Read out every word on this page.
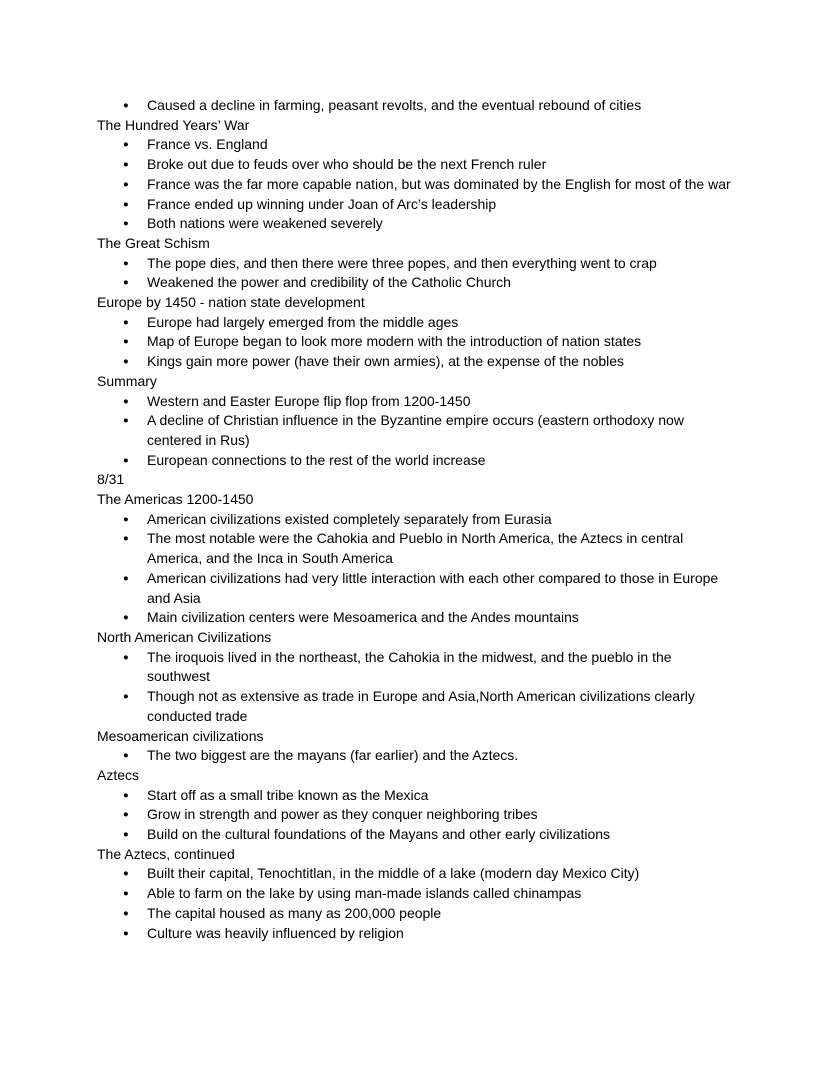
● Caused a decline in farming, peasant revolts, and the eventual rebound of cities
The Hundred Years’ War
● France vs. England
● Broke out due to feuds over who should be the next French ruler
● France was the far more capable nation, but was dominated by the English for most of the war
● France ended up winning under Joan of Arc’s leadership
● Both nations were weakened severely
The Great Schism
● The pope dies, and then there were three popes, and then everything went to crap
● Weakened the power and credibility of the Catholic Church
Europe by 1450 - nation state development
● Europe had largely emerged from the middle ages
● Map of Europe began to look more modern with the introduction of nation states
● Kings gain more power (have their own armies), at the expense of the nobles
Summary
● Western and Easter Europe flip flop from 1200-1450
● A decline of Christian influence in the Byzantine empire occurs (eastern orthodoxy now centered in Rus)
● European connections to the rest of the world increase
8/31
The Americas 1200-1450
● American civilizations existed completely separately from Eurasia
● The most notable were the Cahokia and Pueblo in North America, the Aztecs in central America, and the Inca in South America
● American civilizations had very little interaction with each other compared to those in Europe and Asia
● Main civilization centers were Mesoamerica and the Andes mountains
North American Civilizations
● The iroquois lived in the northeast, the Cahokia in the midwest, and the pueblo in the southwest
● Though not as extensive as trade in Europe and Asia,North American civilizations clearly conducted trade
Mesoamerican civilizations
● The two biggest are the mayans (far earlier) and the Aztecs.
Aztecs
● Start off as a small tribe known as the Mexica
● Grow in strength and power as they conquer neighboring tribes
● Build on the cultural foundations of the Mayans and other early civilizations
The Aztecs, continued
● Built their capital, Tenochtitlan, in the middle of a lake (modern day Mexico City)
● Able to farm on the lake by using man-made islands called chinampas
● The capital housed as many as 200,000 people
● Culture was heavily influenced by religion
